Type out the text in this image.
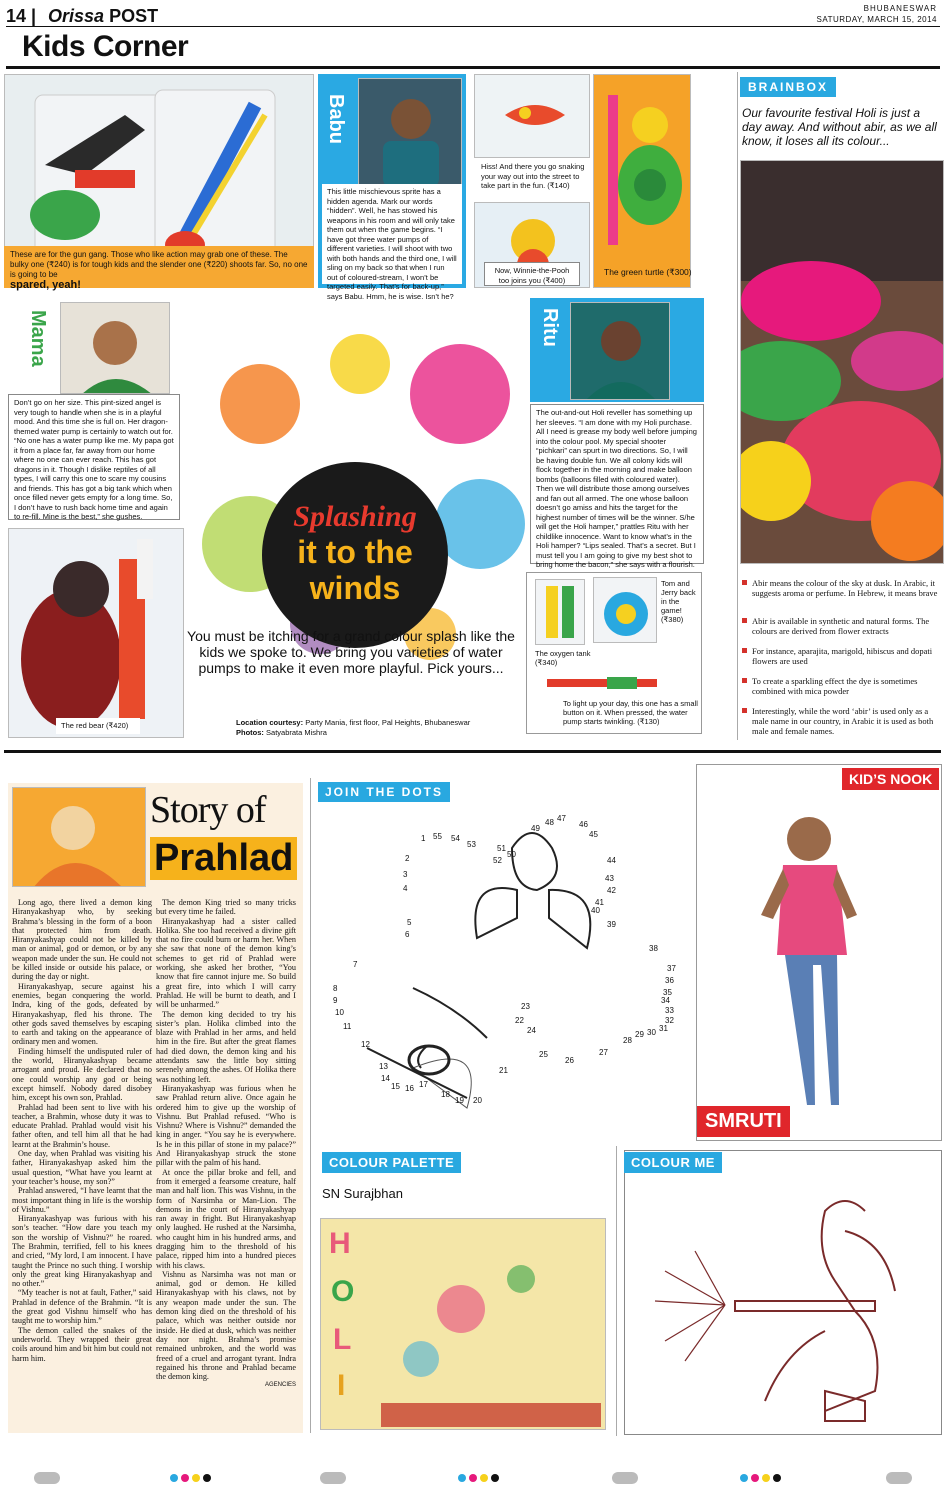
14 | Orissa POST	BHUBANESWAR
SATURDAY, MARCH 15, 2014
Kids Corner
These are for the gun gang. Those who like action may grab one of these. The bulky one (₹240) is for tough kids and the slender one (₹220) shoots far. So, no one is going to be
spared, yeah!
Babu
This little mischievous sprite has a hidden agenda. Mark our words “hidden”. Well, he has stowed his weapons in his room and will only take them out when the game begins. “I have got three water pumps of different varieties. I will shoot with two with both hands and the third one, I will sling on my back so that when I run out of coloured-stream, I won’t be targeted easily. That’s for back-up,” says Babu. Hmm, he is wise. Isn’t he?
Hiss! And there you go snaking your way out into the street to take part in the fun. (₹140)
Now, Winnie-the-Pooh too joins you (₹400)
The green turtle (₹300)
Mama
Don’t go on her size. This pint-sized angel is very tough to handle when she is in a playful mood. And this time she is full on. Her dragon-themed water pump is certainly to watch out for. “No one has a water pump like me. My papa got it from a place far, far away from our home where no one can ever reach. This has got dragons in it. Though I dislike reptiles of all types, I will carry this one to scare my cousins and friends. This has got a big tank which when once filled never gets empty for a long time. So, I don’t have to rush back home time and again to re-fill. Mine is the best,” she gushes.
The red bear (₹420)
Splashing
it to the
winds
You must be itching for a grand colour splash like the kids we spoke to. We bring you varieties of water pumps to make it even more playful. Pick yours...
Location courtesy: Party Mania, first floor, Pal Heights, Bhubaneswar
Photos: Satyabrata Mishra
Ritu
The out-and-out Holi reveller has something up her sleeves. “I am done with my Holi purchase. All I need is grease my body well before jumping into the colour pool. My special shooter “pichkari” can spurt in two directions. So, I will be having double fun. We all colony kids will flock together in the morning and make balloon bombs (balloons filled with coloured water). Then we will distribute those among ourselves and fan out all armed. The one whose balloon doesn’t go amiss and hits the target for the highest number of times will be the winner. S/he will get the Holi hamper,” prattles Ritu with her childlike innocence. Want to know what’s in the Holi hamper? “Lips sealed. That’s a secret. But I must tell you I am going to give my best shot to bring home the bacon,” she says with a flourish.
The oxygen tank (₹340)
Tom and Jerry back in the game! (₹380)
To light up your day, this one has a small button on it. When pressed, the water pump starts twinkling. (₹130)
BRAINBOX
Our favourite festival Holi is just a day away. And without abir, as we all know, it loses all its colour...
Abir means the colour of the sky at dusk. In Arabic, it suggests aroma or perfume. In Hebrew, it means brave
Abir is available in synthetic and natural forms. The colours are derived from flower extracts
For instance, aparajita, marigold, hibiscus and dopati flowers are used
To create a sparkling effect the dye is sometimes combined with mica powder
Interestingly, while the word ‘abir’ is used only as a male name in our country, in Arabic it is used as both male and female names.
Story of
Prahlad

Long ago, there lived a demon king Hiranyakashyap who, by seeking Brahma’s blessing in the form of a boon that protected him from death. Hiranyakashyap could not be killed by man or animal, god or demon, or by any weapon made under the sun. He could not be killed inside or outside his palace, or during the day or night.

Hiranyakashyap, secure against his enemies, began conquering the world. Indra, king of the gods, defeated by Hiranyakashyap, fled his throne. The other gods saved themselves by escaping to earth and taking on the appearance of ordinary men and women.

Finding himself the undisputed ruler of the world, Hiranyakashyap became arrogant and proud. He declared that no one could worship any god or being except himself. Nobody dared disobey him, except his own son, Prahlad.

Prahlad had been sent to live with his teacher, a Brahmin, whose duty it was to educate Prahlad. Prahlad would visit his father often, and tell him all that he had learnt at the Brahmin’s house.

One day, when Prahlad was visiting his father, Hiranyakashyap asked him the usual question, “What have you learnt at your teacher’s house, my son?”

Prahlad answered, “I have learnt that the most important thing in life is the worship of Vishnu.”

Hiranyakashyap was furious with his son’s teacher. “How dare you teach my son the worship of Vishnu?” he roared. The Brahmin, terrified, fell to his knees and cried, “My lord, I am innocent. I have taught the Prince no such thing. I worship only the great king Hiranyakashyap and no other.”

“My teacher is not at fault, Father,” said Prahlad in defence of the Brahmin. “It is the great god Vishnu himself who has taught me to worship him.”

The demon called the snakes of the underworld. They wrapped their great coils around him and bit him but could not harm him.

The demon King tried so many tricks but every time he failed.

Hiranyakashyap had a sister called Holika. She too had received a divine gift that no fire could burn or harm her. When she saw that none of the demon king’s schemes to get rid of Prahlad were working, she asked her brother, “You know that fire cannot injure me. So build a great fire, into which I will carry Prahlad. He will be burnt to death, and I will be unharmed.”

The demon king decided to try his sister’s plan. Holika climbed into the blaze with Prahlad in her arms, and held him in the fire. But after the great flames had died down, the demon king and his attendants saw the little boy sitting serenely among the ashes. Of Holika there was nothing left.

Hiranyakashyap was furious when he saw Prahlad return alive. Once again he ordered him to give up the worship of Vishnu. But Prahlad refused. “Who is Vishnu? Where is Vishnu?” demanded the king in anger. “You say he is everywhere. Is he in this pillar of stone in my palace?” And Hiranyakashyap struck the stone pillar with the palm of his hand.

At once the pillar broke and fell, and from it emerged a fearsome creature, half man and half lion. This was Vishnu, in the form of Narsimha or Man-Lion. The demons in the court of Hiranyakashyap ran away in fright. But Hiranyakashyap only laughed. He rushed at the Narsimha, who caught him in his hundred arms, and dragging him to the threshold of his palace, ripped him into a hundred pieces with his claws.

Vishnu as Narsimha was not man or animal, god or demon. He killed Hiranyakashyap with his claws, not by any weapon made under the sun. The demon king died on the threshold of his palace, which was neither outside nor inside. He died at dusk, which was neither day nor night. Brahma’s promise remained unbroken, and the world was freed of a cruel and arrogant tyrant. Indra regained his throne and Prahlad became the demon king.

AGENCIES
JOIN THE DOTS
1
2
3
4
5
6
7
8
9
10
11
12
13
14
15 16 17
18
19 20
21
22
23
24
25
26
27
28
29 30 31
32
33
34
35
36
37
38
39
40
41
42
43
44
45
46
47
48
49
50
51
52
53
54
55
KID’S NOOK
SMRUTI
COLOUR PALETTE
SN Surajbhan
H
O
L
I
COLOUR ME
